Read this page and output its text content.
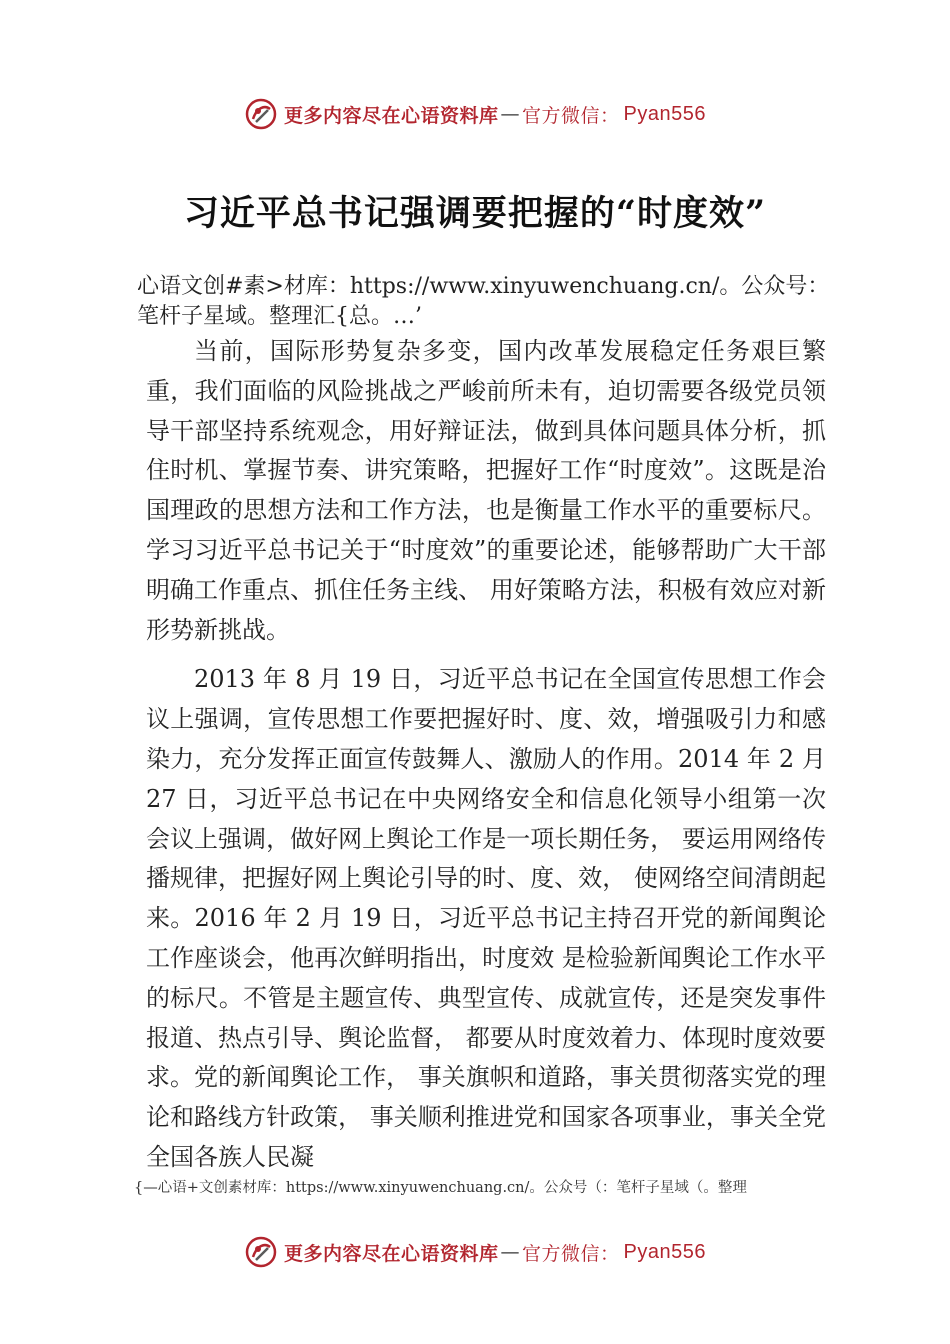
更多内容尽在心语资料库 — 官方微信： Pyan556
习近平总书记强调要把握的“时度效”
心语文创#素>材库：https://www.xinyuwenchuang.cn/。公众号：笔杆子星域。整理汇{总。…’

当前，国际形势复杂多变，国内改革发展稳定任务艰巨繁重，我们面临的风险挑战之严峻前所未有，迫切需要各级党员领导干部坚持系统观念，用好辩证法，做到具体问题具体分析，抓住时机、掌握节奏、讲究策略，把握好工作“时度效”。这既是治国理政的思想方法和工作方法，也是衡量工作水平的重要标尺。学习习近平总书记关于“时度效”的重要论述，能够帮助广大干部明确工作重点、抓住任务主线、 用好策略方法，积极有效应对新形势新挑战。

2013 年 8 月 19 日，习近平总书记在全国宣传思想工作会议上强调，宣传思想工作要把握好时、度、效，增强吸引力和感染力，充分发挥正面宣传鼓舞人、激励人的作用。2014 年 2 月 27 日，习近平总书记在中央网络安全和信息化领导小组第一次会议上强调，做好网上舆论工作是一项长期任务， 要运用网络传播规律，把握好网上舆论引导的时、度、效， 使网络空间清朗起来。2016 年 2 月 19 日，习近平总书记主持召开党的新闻舆论工作座谈会，他再次鲜明指出，时度效 是检验新闻舆论工作水平的标尺。不管是主题宣传、典型宣传、成就宣传，还是突发事件报道、热点引导、舆论监督， 都要从时度效着力、体现时度效要求。党的新闻舆论工作， 事关旗帜和道路，事关贯彻落实党的理论和路线方针政策， 事关顺利推进党和国家各项事业，事关全党全国各族人民凝

{—心语+文创素材库：https://www.xinyuwenchuang.cn/。公众号（：笔杆子星域（。整理
更多内容尽在心语资料库 — 官方微信： Pyan556
